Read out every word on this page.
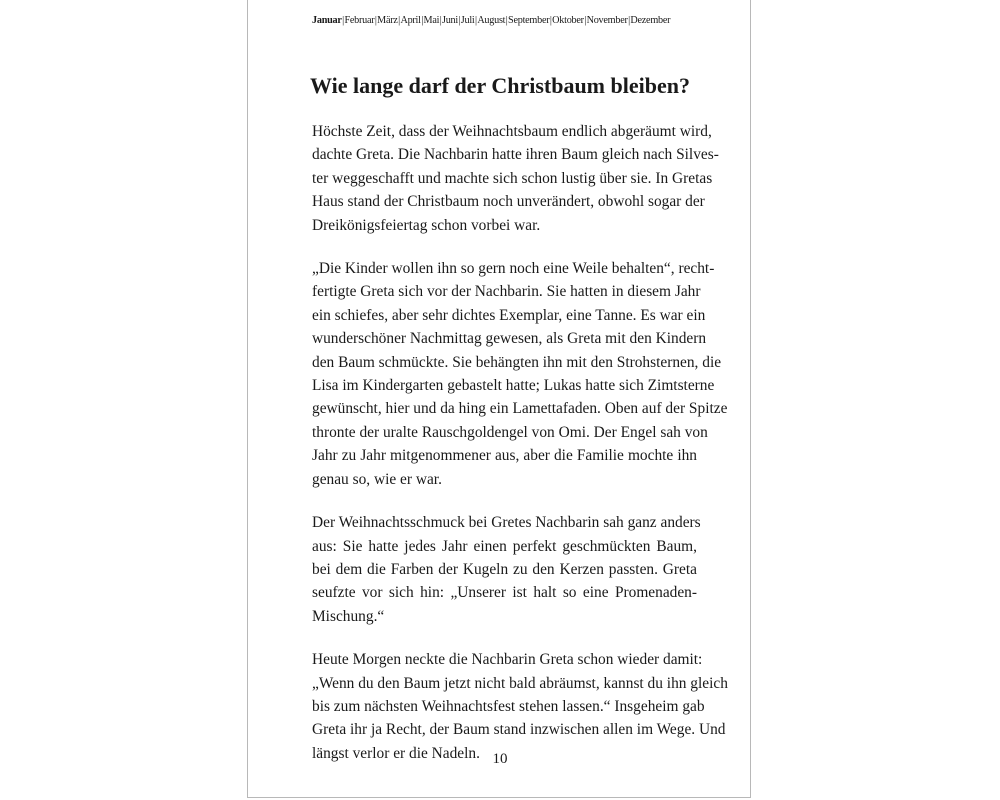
Januar|Februar|März|April|Mai|Juni|Juli|August|September|Oktober|November|Dezember
Wie lange darf der Christbaum bleiben?

Höchste Zeit, dass der Weihnachtsbaum endlich abgeräumt wird,
dachte Greta. Die Nachbarin hatte ihren Baum gleich nach Silves-
ter weggeschafft und machte sich schon lustig über sie. In Gretas
Haus stand der Christbaum noch unverändert, obwohl sogar der
Dreikönigsfeiertag schon vorbei war.

„Die Kinder wollen ihn so gern noch eine Weile behalten“, recht-
fertigte Greta sich vor der Nachbarin. Sie hatten in diesem Jahr
ein schiefes, aber sehr dichtes Exemplar, eine Tanne. Es war ein
wunderschöner Nachmittag gewesen, als Greta mit den Kindern
den Baum schmückte. Sie behängten ihn mit den Strohsternen, die
Lisa im Kindergarten gebastelt hatte; Lukas hatte sich Zimtsterne
gewünscht, hier und da hing ein Lamettafaden. Oben auf der Spitze
thronte der uralte Rauschgoldengel von Omi. Der Engel sah von
Jahr zu Jahr mitgenommener aus, aber die Familie mochte ihn
genau so, wie er war.

Der Weihnachtsschmuck bei Gretes Nachbarin sah ganz anders
aus: Sie hatte jedes Jahr einen perfekt geschmückten Baum,
bei dem die Farben der Kugeln zu den Kerzen passten. Greta
seufzte vor sich hin: „Unserer ist halt so eine Promenaden-
Mischung.“

Heute Morgen neckte die Nachbarin Greta schon wieder damit:
„Wenn du den Baum jetzt nicht bald abräumst, kannst du ihn gleich
bis zum nächsten Weihnachtsfest stehen lassen.“ Insgeheim gab
Greta ihr ja Recht, der Baum stand inzwischen allen im Wege. Und
längst verlor er die Nadeln. 10
